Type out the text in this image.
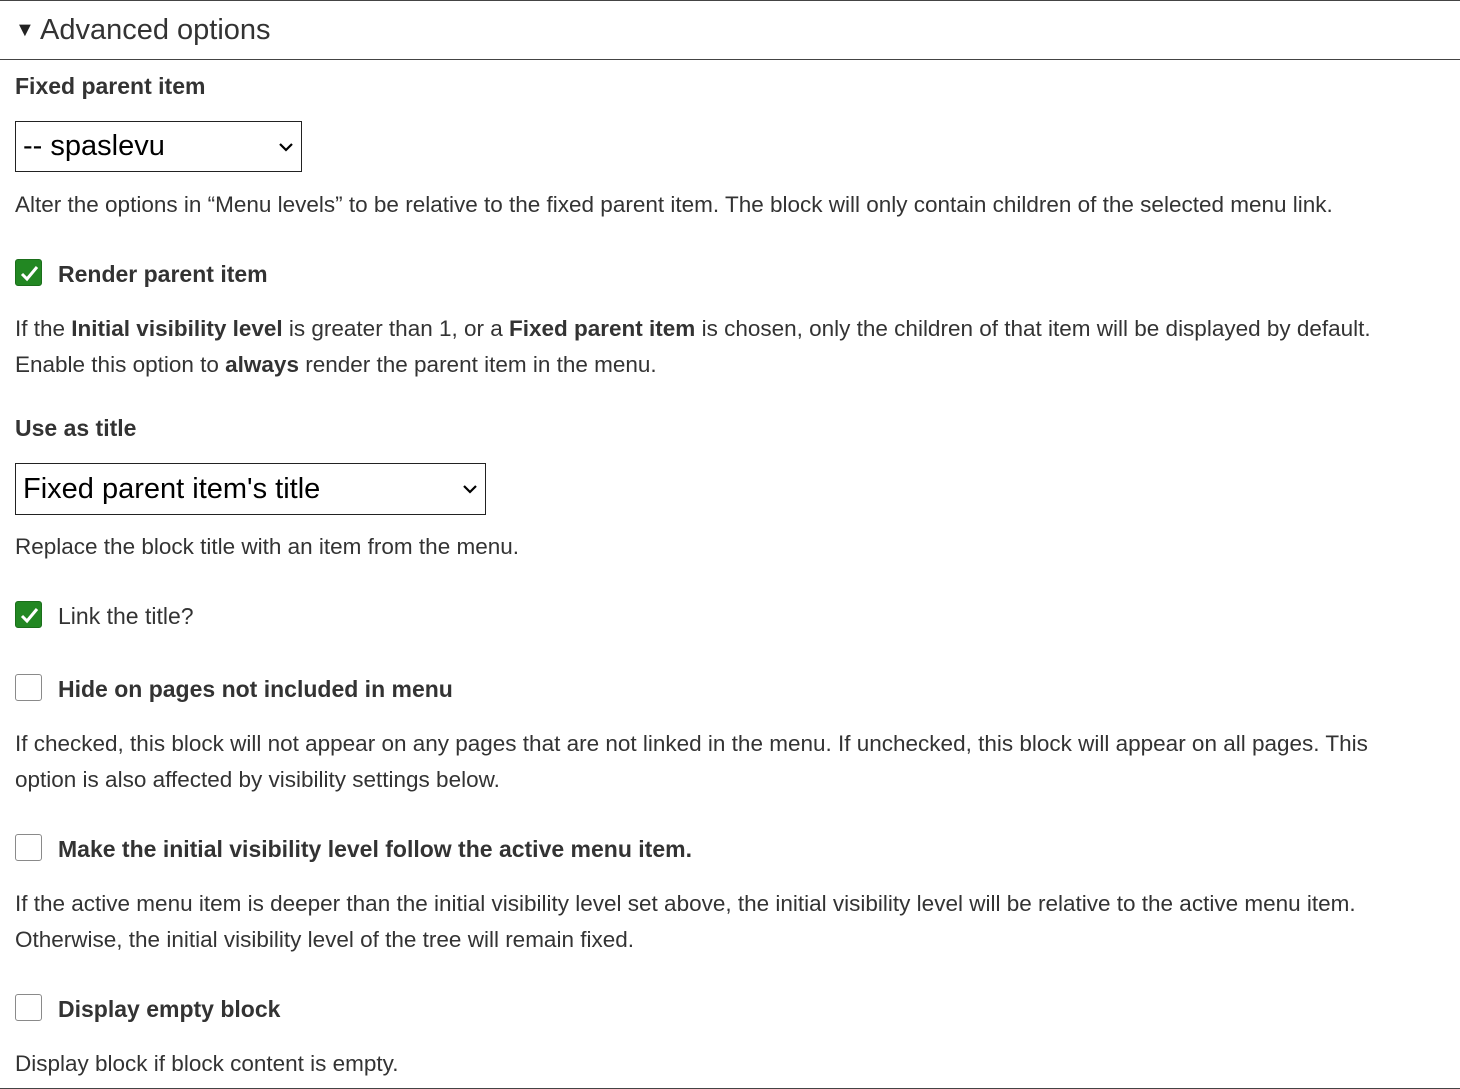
▼ Advanced options
Fixed parent item
-- spaslevu
Alter the options in “Menu levels” to be relative to the fixed parent item. The block will only contain children of the selected menu link.
Render parent item
If the Initial visibility level is greater than 1, or a Fixed parent item is chosen, only the children of that item will be displayed by default. Enable this option to always render the parent item in the menu.
Use as title
Fixed parent item's title
Replace the block title with an item from the menu.
Link the title?
Hide on pages not included in menu
If checked, this block will not appear on any pages that are not linked in the menu. If unchecked, this block will appear on all pages. This option is also affected by visibility settings below.
Make the initial visibility level follow the active menu item.
If the active menu item is deeper than the initial visibility level set above, the initial visibility level will be relative to the active menu item. Otherwise, the initial visibility level of the tree will remain fixed.
Display empty block
Display block if block content is empty.
